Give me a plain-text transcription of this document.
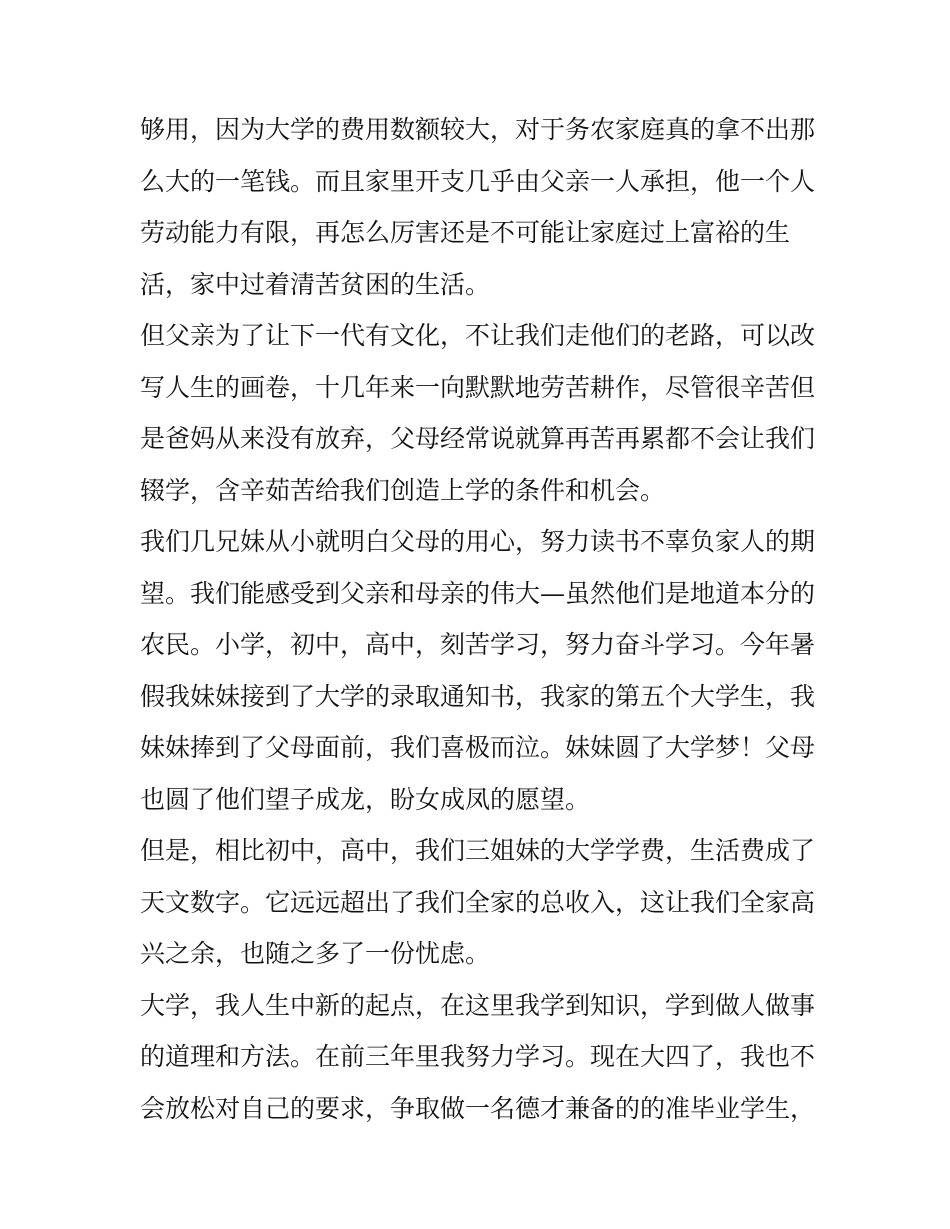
够用，因为大学的费用数额较大，对于务农家庭真的拿不出那
么大的一笔钱。而且家里开支几乎由父亲一人承担，他一个人
劳动能力有限，再怎么厉害还是不可能让家庭过上富裕的生
活，家中过着清苦贫困的生活。
但父亲为了让下一代有文化，不让我们走他们的老路，可以改
写人生的画卷，十几年来一向默默地劳苦耕作，尽管很辛苦但
是爸妈从来没有放弃，父母经常说就算再苦再累都不会让我们
辍学，含辛茹苦给我们创造上学的条件和机会。
我们几兄妹从小就明白父母的用心，努力读书不辜负家人的期
望。我们能感受到父亲和母亲的伟大—虽然他们是地道本分的
农民。小学，初中，高中，刻苦学习，努力奋斗学习。今年暑
假我妹妹接到了大学的录取通知书，我家的第五个大学生，我
妹妹捧到了父母面前，我们喜极而泣。妹妹圆了大学梦！父母
也圆了他们望子成龙，盼女成凤的愿望。
但是，相比初中，高中，我们三姐妹的大学学费，生活费成了
天文数字。它远远超出了我们全家的总收入，这让我们全家高
兴之余，也随之多了一份忧虑。
大学，我人生中新的起点，在这里我学到知识，学到做人做事
的道理和方法。在前三年里我努力学习。现在大四了，我也不
会放松对自己的要求，争取做一名德才兼备的的准毕业学生，
